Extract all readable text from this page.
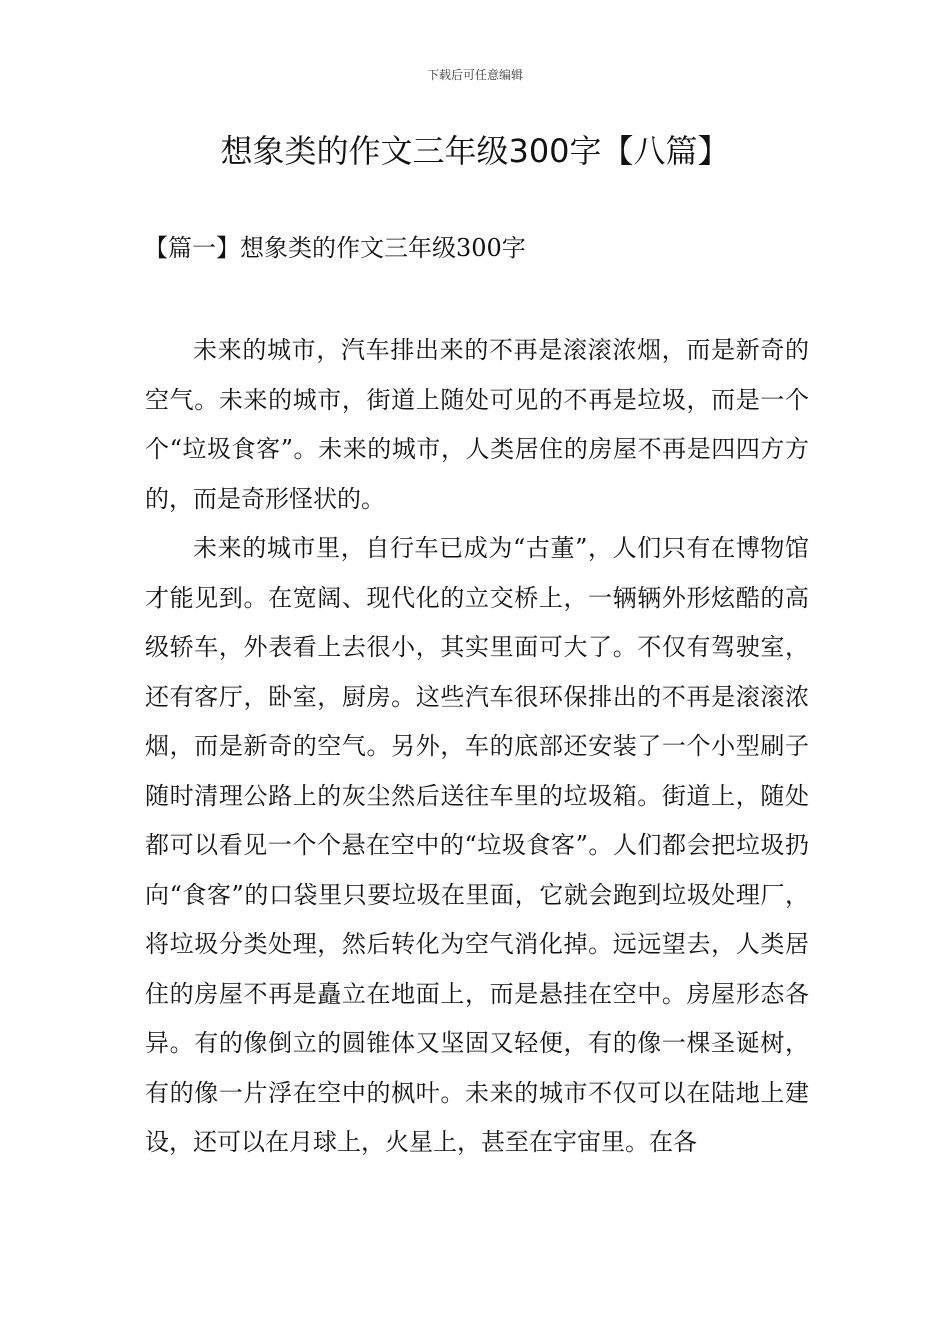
下载后可任意编辑
想象类的作文三年级300字【八篇】
【篇一】想象类的作文三年级300字

未来的城市，汽车排出来的不再是滚滚浓烟，而是新奇的空气。未来的城市，街道上随处可见的不再是垃圾，而是一个个“垃圾食客”。未来的城市，人类居住的房屋不再是四四方方的，而是奇形怪状的。

未来的城市里，自行车已成为“古董”，人们只有在博物馆才能见到。在宽阔、现代化的立交桥上，一辆辆外形炫酷的高级轿车，外表看上去很小，其实里面可大了。不仅有驾驶室，还有客厅，卧室，厨房。这些汽车很环保排出的不再是滚滚浓烟，而是新奇的空气。另外，车的底部还安装了一个小型刷子随时清理公路上的灰尘然后送往车里的垃圾箱。街道上，随处都可以看见一个个悬在空中的“垃圾食客”。人们都会把垃圾扔向“食客”的口袋里只要垃圾在里面，它就会跑到垃圾处理厂，将垃圾分类处理，然后转化为空气消化掉。远远望去，人类居住的房屋不再是矗立在地面上，而是悬挂在空中。房屋形态各异。有的像倒立的圆锥体又坚固又轻便，有的像一棵圣诞树，有的像一片浮在空中的枫叶。未来的城市不仅可以在陆地上建设，还可以在月球上，火星上，甚至在宇宙里。在各
